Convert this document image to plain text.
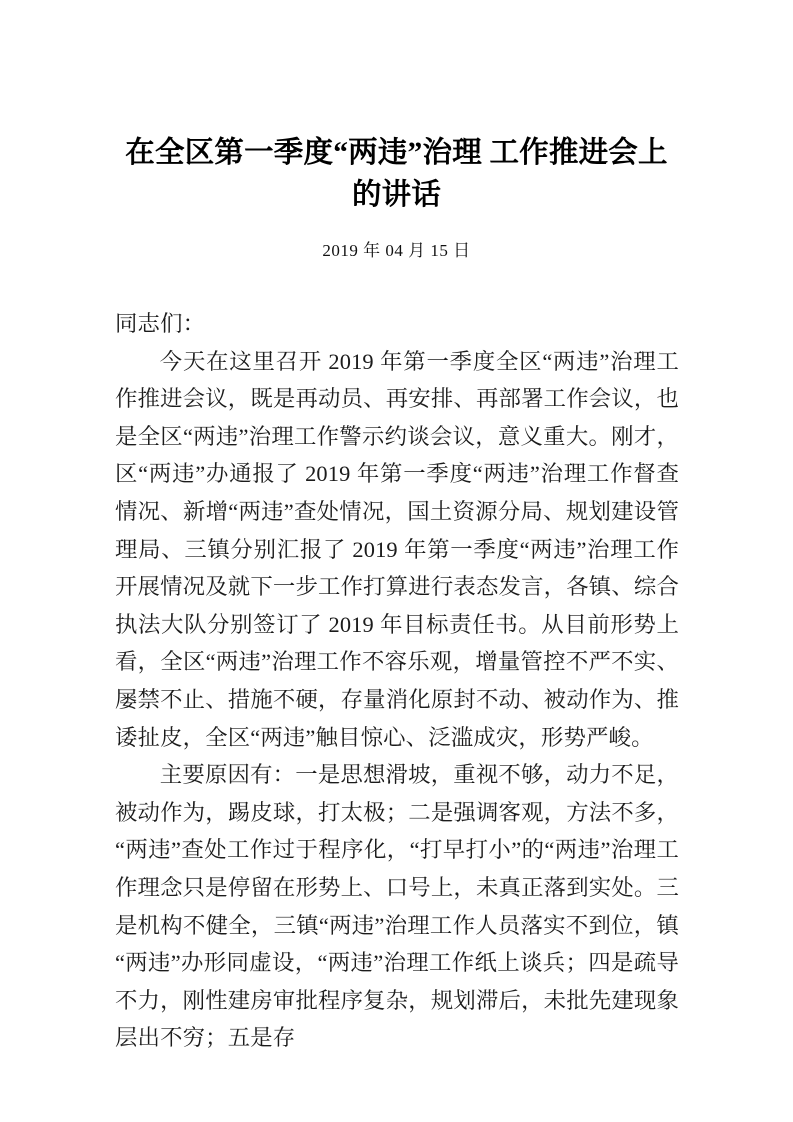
在全区第一季度“两违”治理 工作推进会上的讲话

2019 年 04 月 15 日

同志们：

今天在这里召开 2019 年第一季度全区“两违”治理工作推进会议，既是再动员、再安排、再部署工作会议，也是全区“两违”治理工作警示约谈会议，意义重大。刚才，区“两违”办通报了 2019 年第一季度“两违”治理工作督查情况、新增“两违”查处情况，国土资源分局、规划建设管理局、三镇分别汇报了 2019 年第一季度“两违”治理工作开展情况及就下一步工作打算进行表态发言，各镇、综合执法大队分别签订了 2019 年目标责任书。从目前形势上看，全区“两违”治理工作不容乐观，增量管控不严不实、屡禁不止、措施不硬，存量消化原封不动、被动作为、推诿扯皮，全区“两违”触目惊心、泛滥成灾，形势严峻。

主要原因有：一是思想滑坡，重视不够，动力不足，被动作为，踢皮球，打太极；二是强调客观，方法不多，“两违”查处工作过于程序化，“打早打小”的“两违”治理工作理念只是停留在形势上、口号上，未真正落到实处。三是机构不健全，三镇“两违”治理工作人员落实不到位，镇“两违”办形同虚设，“两违”治理工作纸上谈兵；四是疏导不力，刚性建房审批程序复杂，规划滞后，未批先建现象层出不穷；五是存
